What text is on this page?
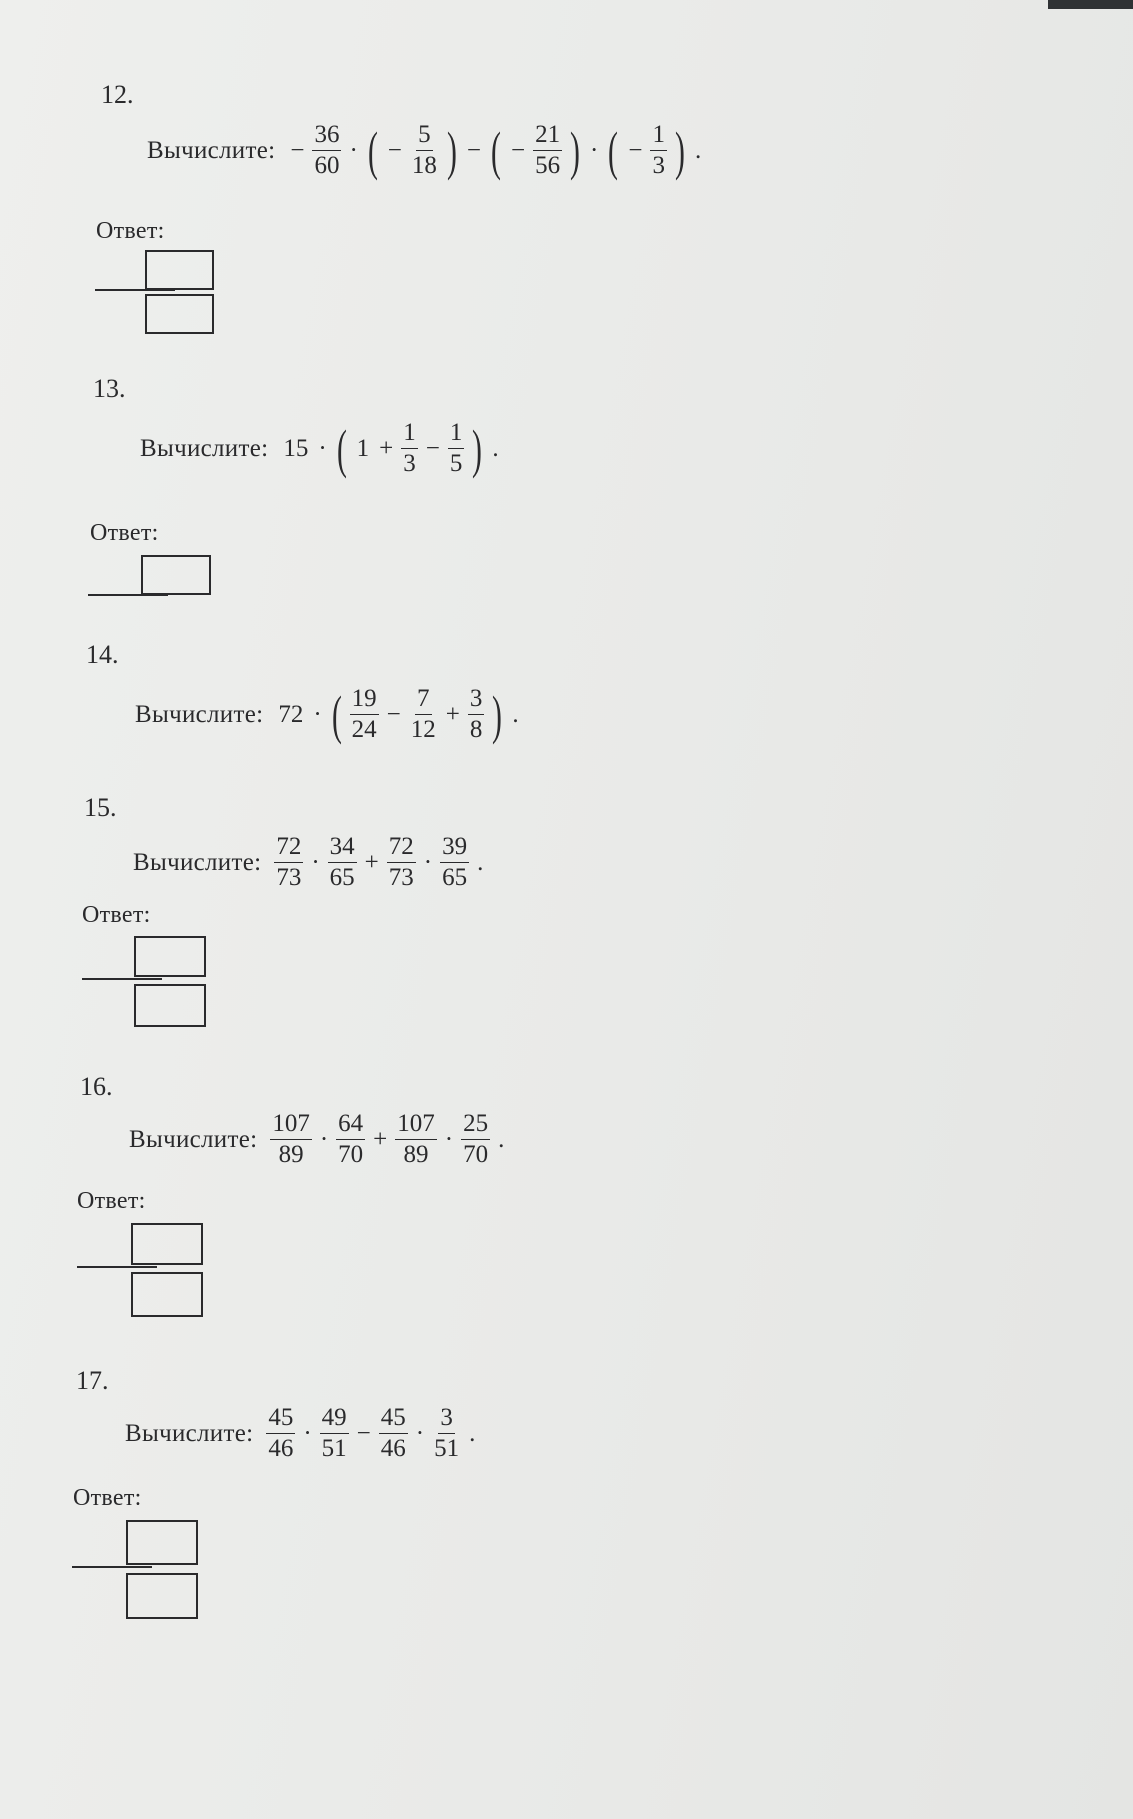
12.
Вычислите: − $\frac{36}{60}$ · ( − $\frac{5}{18}$ ) − ( − $\frac{21}{56}$ ) · ( − $\frac{1}{3}$ ) .
Ответ:
13.
Вычислите: 15 · ( $1 + \frac{1}{3} - \frac{1}{5}$ ) .
Ответ:
14.
Вычислите: 72 · ( $\frac{19}{24} - \frac{7}{12} + \frac{3}{8}$ ) .
15.
Вычислите: $\frac{72}{73} \cdot \frac{34}{65} + \frac{72}{73} \cdot \frac{39}{65}$ .
Ответ:
16.
Вычислите: $\frac{107}{89} \cdot \frac{64}{70} + \frac{107}{89} \cdot \frac{25}{70}$ .
Ответ:
17.
Вычислите: $\frac{45}{46} \cdot \frac{49}{51} - \frac{45}{46} \cdot \frac{3}{51}$ .
Ответ:
